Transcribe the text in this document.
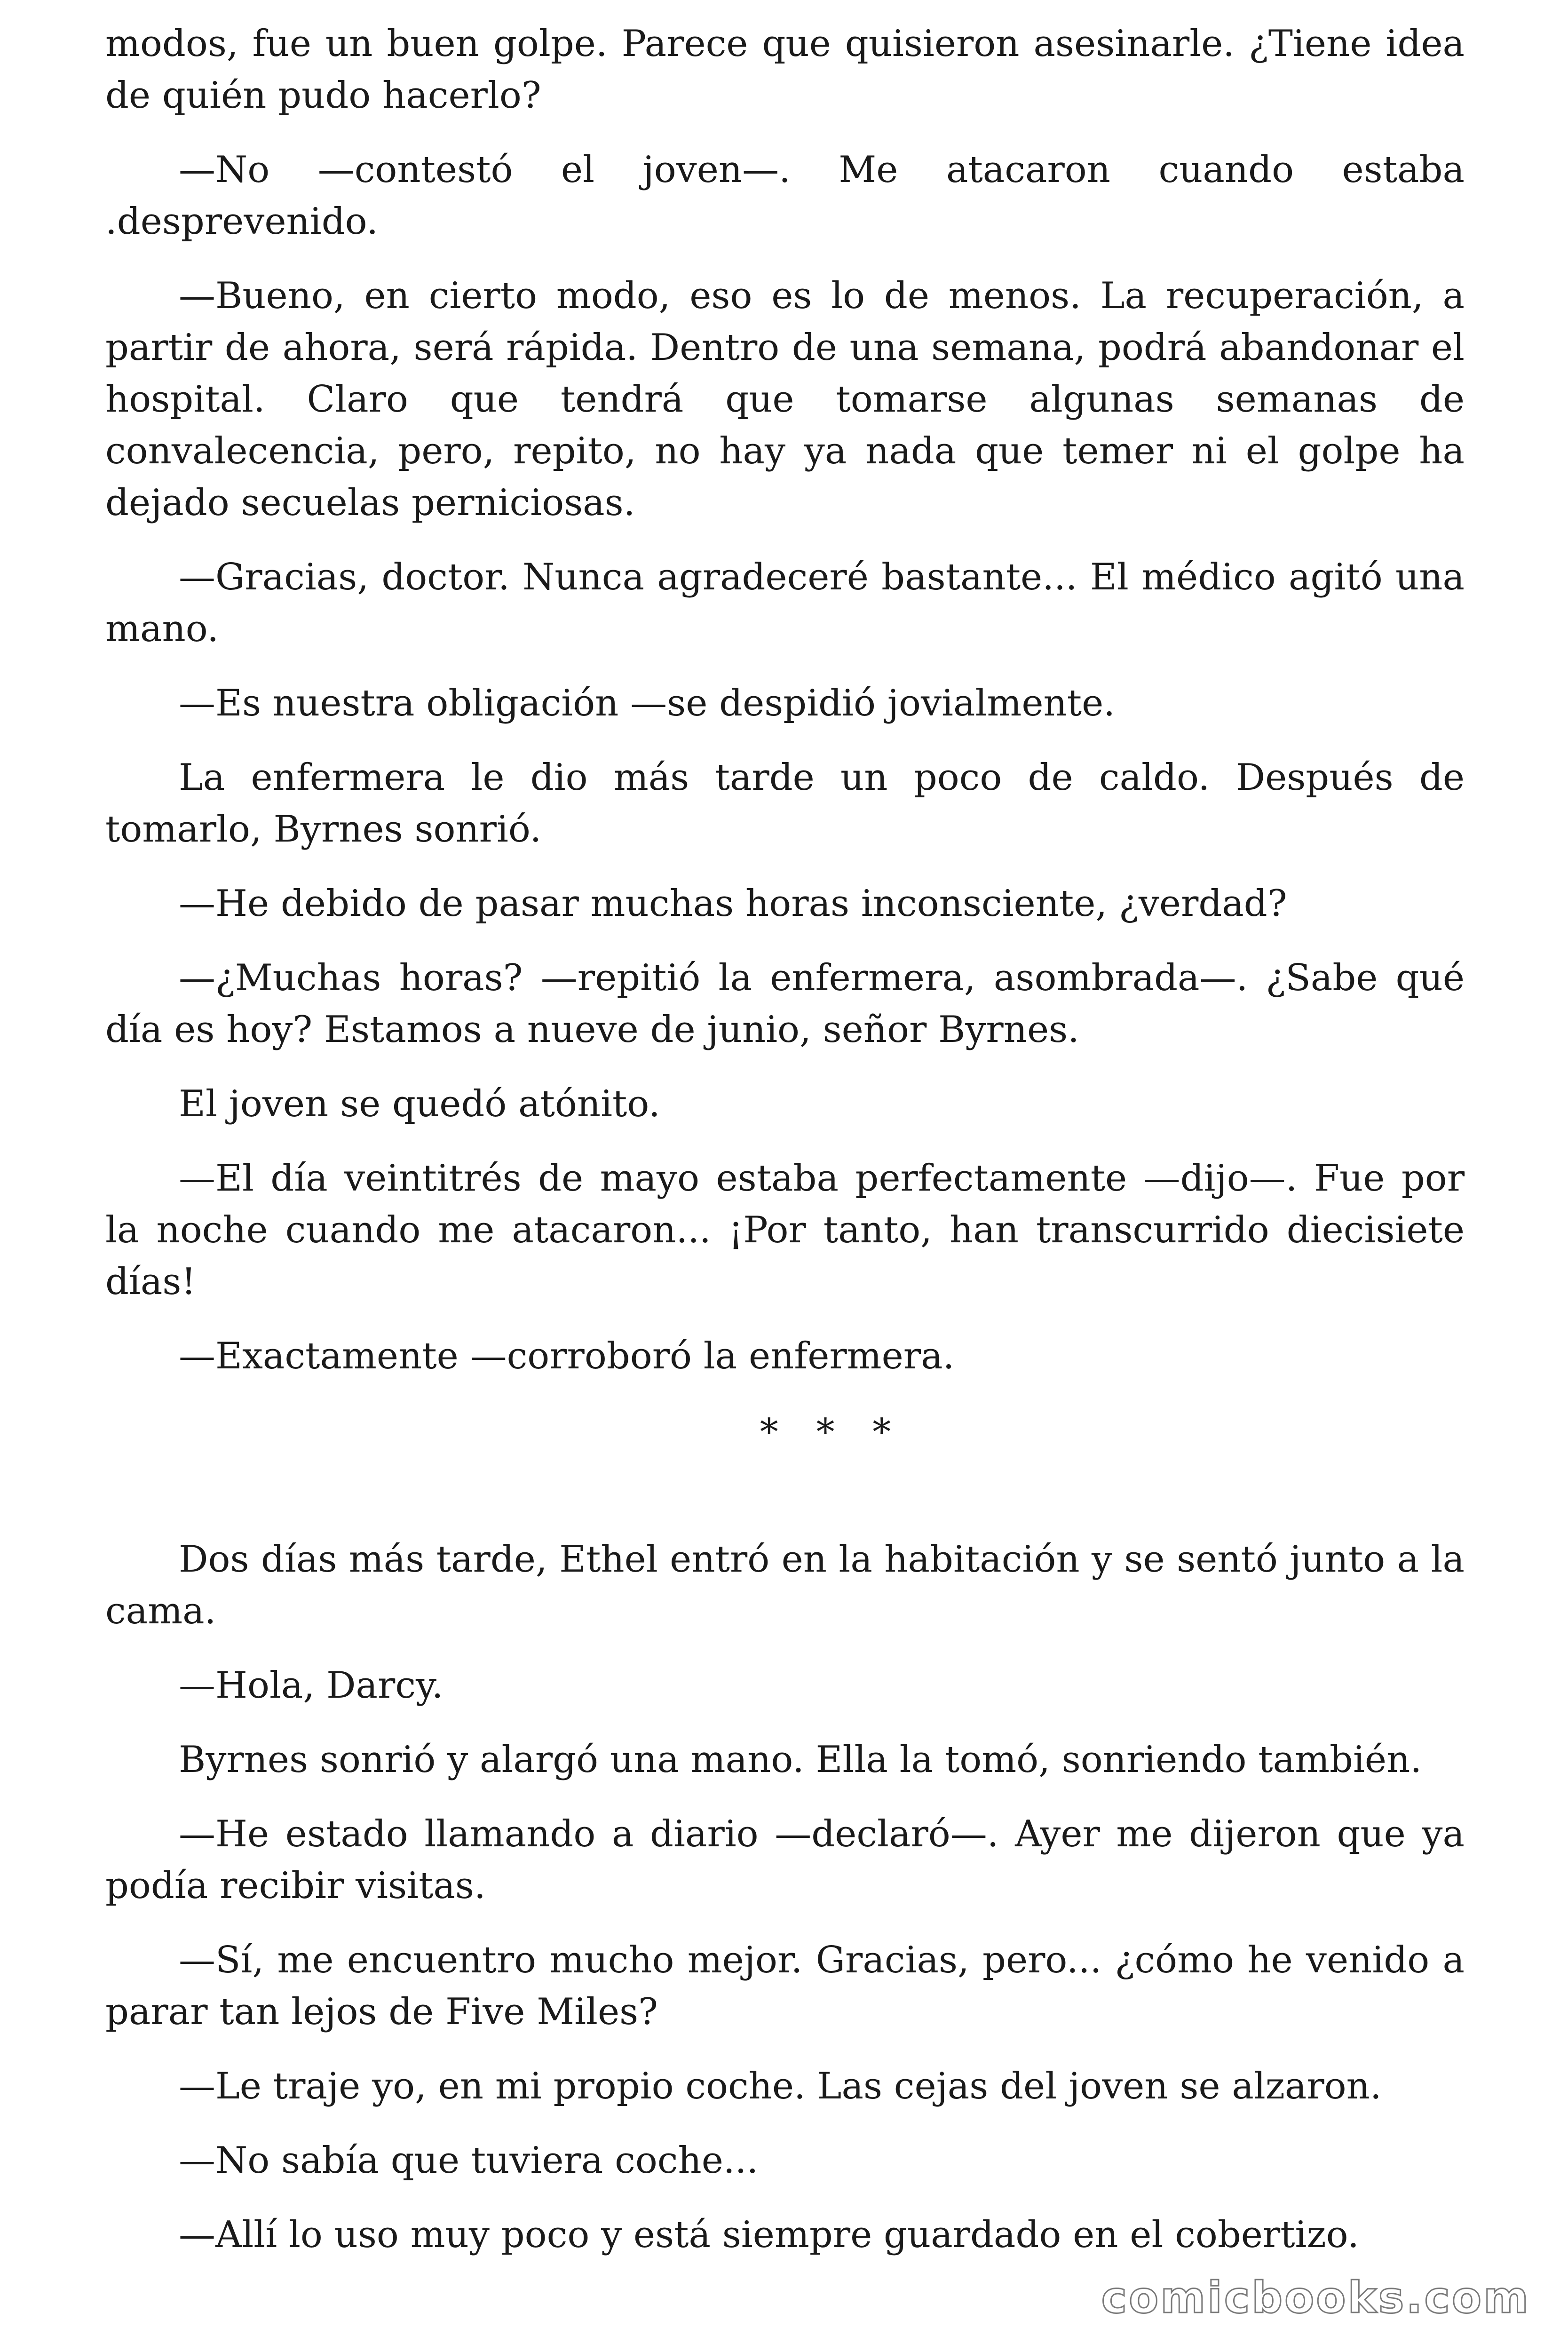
modos, fue un buen golpe. Parece que quisieron asesinarle. ¿Tiene idea de quién pudo hacerlo?

—No —contestó el joven—. Me atacaron cuando estaba .desprevenido.

—Bueno, en cierto modo, eso es lo de menos. La recuperación, a partir de ahora, será rápida. Dentro de una semana, podrá abandonar el hospital. Claro que tendrá que tomarse algunas semanas de convalecencia, pero, repito, no hay ya nada que temer ni el golpe ha dejado secuelas perniciosas.

—Gracias, doctor. Nunca agradeceré bastante... El médico agitó una mano.

—Es nuestra obligación —se despidió jovialmente.

La enfermera le dio más tarde un poco de caldo. Después de tomarlo, Byrnes sonrió.

—He debido de pasar muchas horas inconsciente, ¿verdad?

—¿Muchas horas? —repitió la enfermera, asombrada—. ¿Sabe qué día es hoy? Estamos a nueve de junio, señor Byrnes.

El joven se quedó atónito.

—El día veintitrés de mayo estaba perfectamente —dijo—. Fue por la noche cuando me atacaron... ¡Por tanto, han transcurrido diecisiete días!

—Exactamente —corroboró la enfermera.

* * *

Dos días más tarde, Ethel entró en la habitación y se sentó junto a la cama.

—Hola, Darcy.

Byrnes sonrió y alargó una mano. Ella la tomó, sonriendo también.

—He estado llamando a diario —declaró—. Ayer me dijeron que ya podía recibir visitas.

—Sí, me encuentro mucho mejor. Gracias, pero... ¿cómo he venido a parar tan lejos de Five Miles?

—Le traje yo, en mi propio coche. Las cejas del joven se alzaron.

—No sabía que tuviera coche...

—Allí lo uso muy poco y está siempre guardado en el cobertizo.

comicbooks.com
